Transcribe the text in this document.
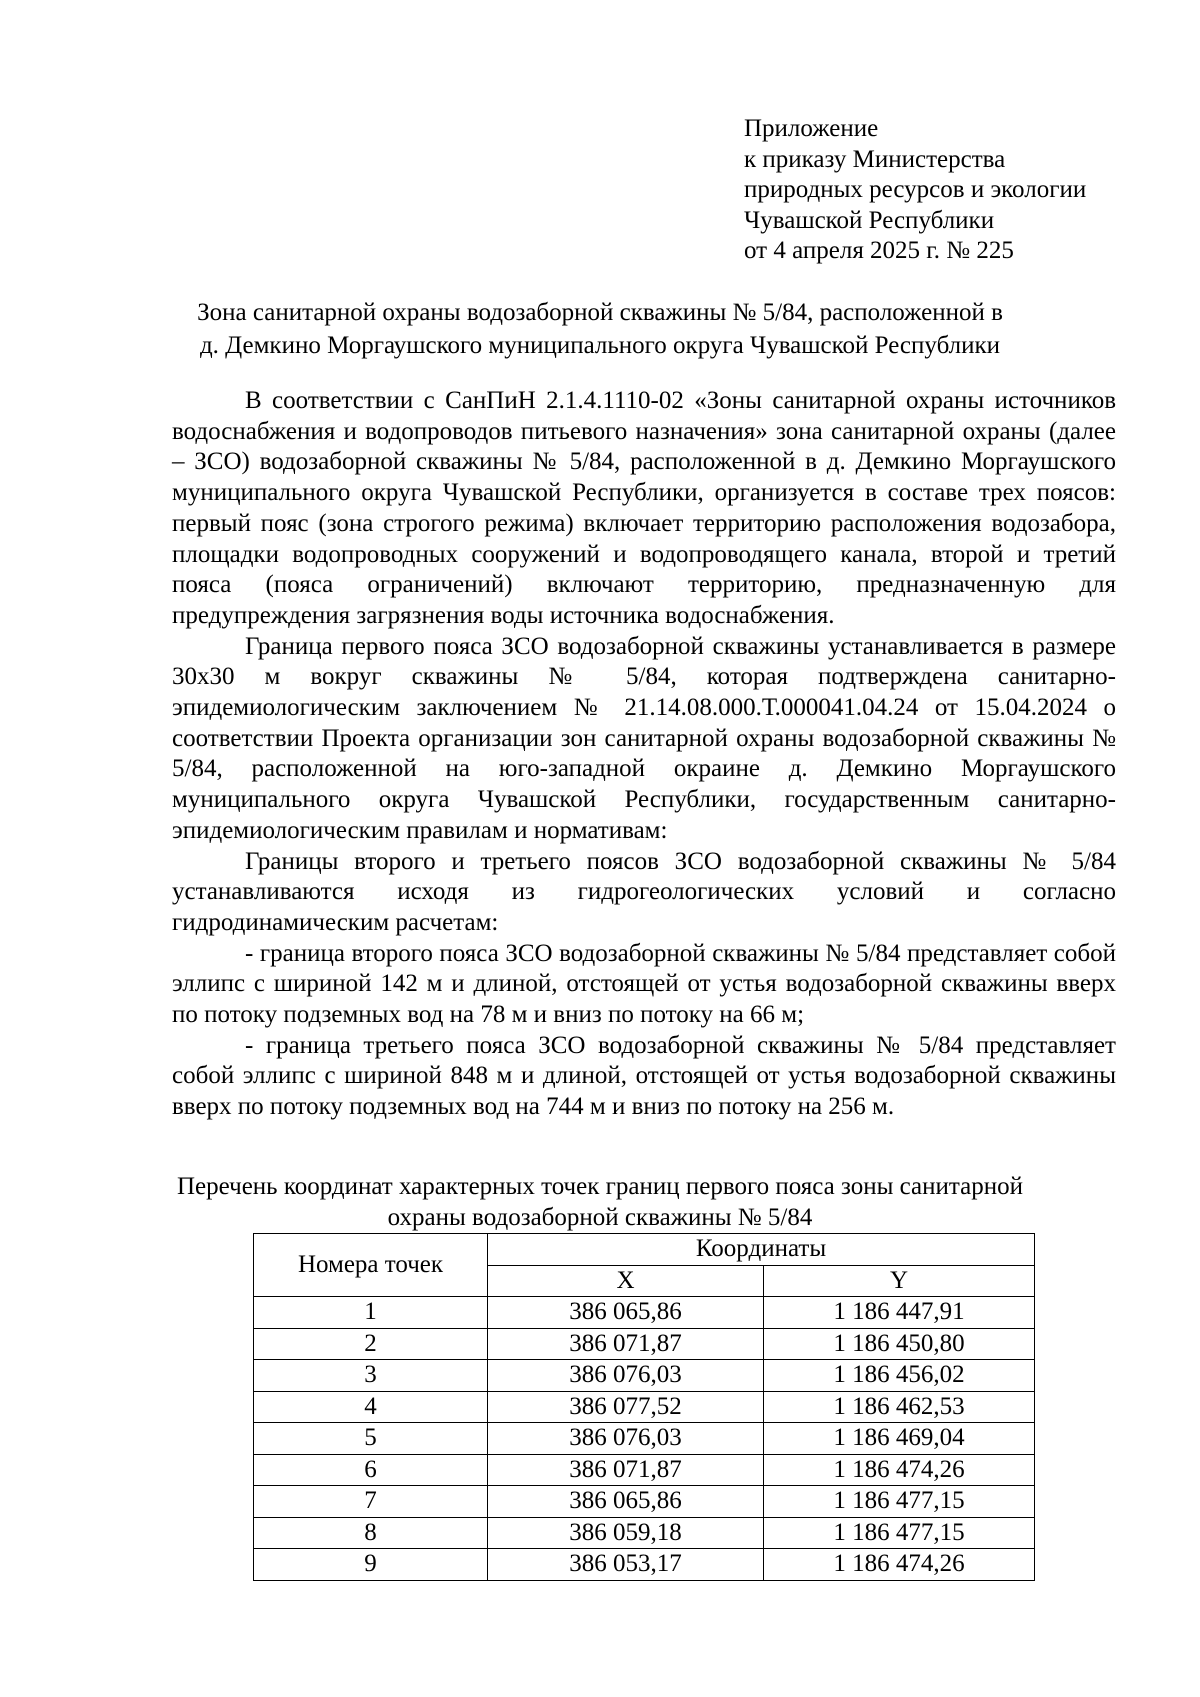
Приложение
к приказу Министерства
природных ресурсов и экологии
Чувашской Республики
от 4 апреля 2025 г. № 225
Зона санитарной охраны водозаборной скважины № 5/84, расположенной в
д. Демкино Моргаушского муниципального округа Чувашской Республики

В соответствии с СанПиН 2.1.4.1110-02 «Зоны санитарной охраны источников водоснабжения и водопроводов питьевого назначения» зона санитарной охраны (далее – ЗСО) водозаборной скважины № 5/84, расположенной в д. Демкино Моргаушского муниципального округа Чувашской Республики, организуется в составе трех поясов: первый пояс (зона строгого режима) включает территорию расположения водозабора, площадки водопроводных сооружений и водопроводящего канала, второй и третий пояса (пояса ограничений) включают территорию, предназначенную для предупреждения загрязнения воды источника водоснабжения.

Граница первого пояса ЗСО водозаборной скважины устанавливается в размере 30x30 м вокруг скважины № 5/84, которая подтверждена санитарно-эпидемиологическим заключением № 21.14.08.000.Т.000041.04.24 от 15.04.2024 о соответствии Проекта организации зон санитарной охраны водозаборной скважины № 5/84, расположенной на юго-западной окраине д. Демкино Моргаушского муниципального округа Чувашской Республики, государственным санитарно-эпидемиологическим правилам и нормативам:

Границы второго и третьего поясов ЗСО водозаборной скважины № 5/84 устанавливаются исходя из гидрогеологических условий и согласно гидродинамическим расчетам:

- граница второго пояса ЗСО водозаборной скважины № 5/84 представляет собой эллипс с шириной 142 м и длиной, отстоящей от устья водозаборной скважины вверх по потоку подземных вод на 78 м и вниз по потоку на 66 м;

- граница третьего пояса ЗСО водозаборной скважины № 5/84 представляет собой эллипс с шириной 848 м и длиной, отстоящей от устья водозаборной скважины вверх по потоку подземных вод на 744 м и вниз по потоку на 256 м.

Перечень координат характерных точек границ первого пояса зоны санитарной
охраны водозаборной скважины № 5/84
Номера точек	Координаты	
	X	Y
1	386 065,86	1 186 447,91
2	386 071,87	1 186 450,80
3	386 076,03	1 186 456,02
4	386 077,52	1 186 462,53
5	386 076,03	1 186 469,04
6	386 071,87	1 186 474,26
7	386 065,86	1 186 477,15
8	386 059,18	1 186 477,15
9	386 053,17	1 186 474,26
